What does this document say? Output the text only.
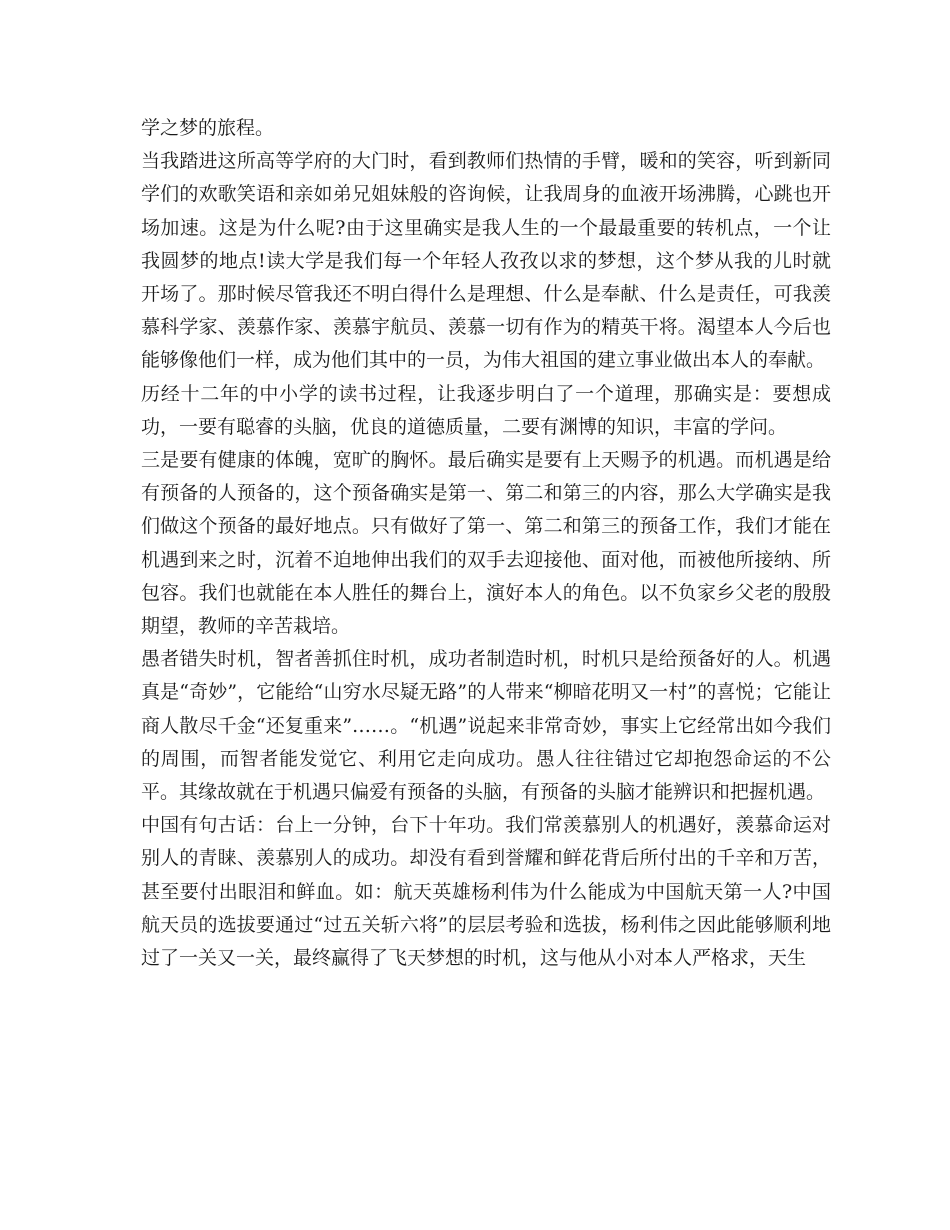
学之梦的旅程。

当我踏进这所高等学府的大门时，看到教师们热情的手臂，暖和的笑容，听到新同学们的欢歌笑语和亲如弟兄姐妹般的咨询候，让我周身的血液开场沸腾，心跳也开场加速。这是为什么呢?由于这里确实是我人生的一个最最重要的转机点，一个让我圆梦的地点!读大学是我们每一个年轻人孜孜以求的梦想，这个梦从我的儿时就开场了。那时候尽管我还不明白得什么是理想、什么是奉献、什么是责任，可我羡慕科学家、羡慕作家、羡慕宇航员、羡慕一切有作为的精英干将。渴望本人今后也能够像他们一样，成为他们其中的一员，为伟大祖国的建立事业做出本人的奉献。

历经十二年的中小学的读书过程，让我逐步明白了一个道理，那确实是：要想成功，一要有聪睿的头脑，优良的道德质量，二要有渊博的知识，丰富的学问。

三是要有健康的体魄，宽旷的胸怀。最后确实是要有上天赐予的机遇。而机遇是给有预备的人预备的，这个预备确实是第一、第二和第三的内容，那么大学确实是我们做这个预备的最好地点。只有做好了第一、第二和第三的预备工作，我们才能在机遇到来之时，沉着不迫地伸出我们的双手去迎接他、面对他，而被他所接纳、所包容。我们也就能在本人胜任的舞台上，演好本人的角色。以不负家乡父老的殷殷期望，教师的辛苦栽培。

愚者错失时机，智者善抓住时机，成功者制造时机，时机只是给预备好的人。机遇真是“奇妙”，它能给“山穷水尽疑无路”的人带来“柳暗花明又一村”的喜悦；它能让商人散尽千金“还复重来”……。“机遇”说起来非常奇妙，事实上它经常出如今我们的周围，而智者能发觉它、利用它走向成功。愚人往往错过它却抱怨命运的不公平。其缘故就在于机遇只偏爱有预备的头脑，有预备的头脑才能辨识和把握机遇。

中国有句古话：台上一分钟，台下十年功。我们常羡慕别人的机遇好，羡慕命运对别人的青睐、羡慕别人的成功。却没有看到誉耀和鲜花背后所付出的千辛和万苦，甚至要付出眼泪和鲜血。如：航天英雄杨利伟为什么能成为中国航天第一人?中国航天员的选拔要通过“过五关斩六将”的层层考验和选拔，杨利伟之因此能够顺利地过了一关又一关，最终赢得了飞天梦想的时机，这与他从小对本人严格求，天生
